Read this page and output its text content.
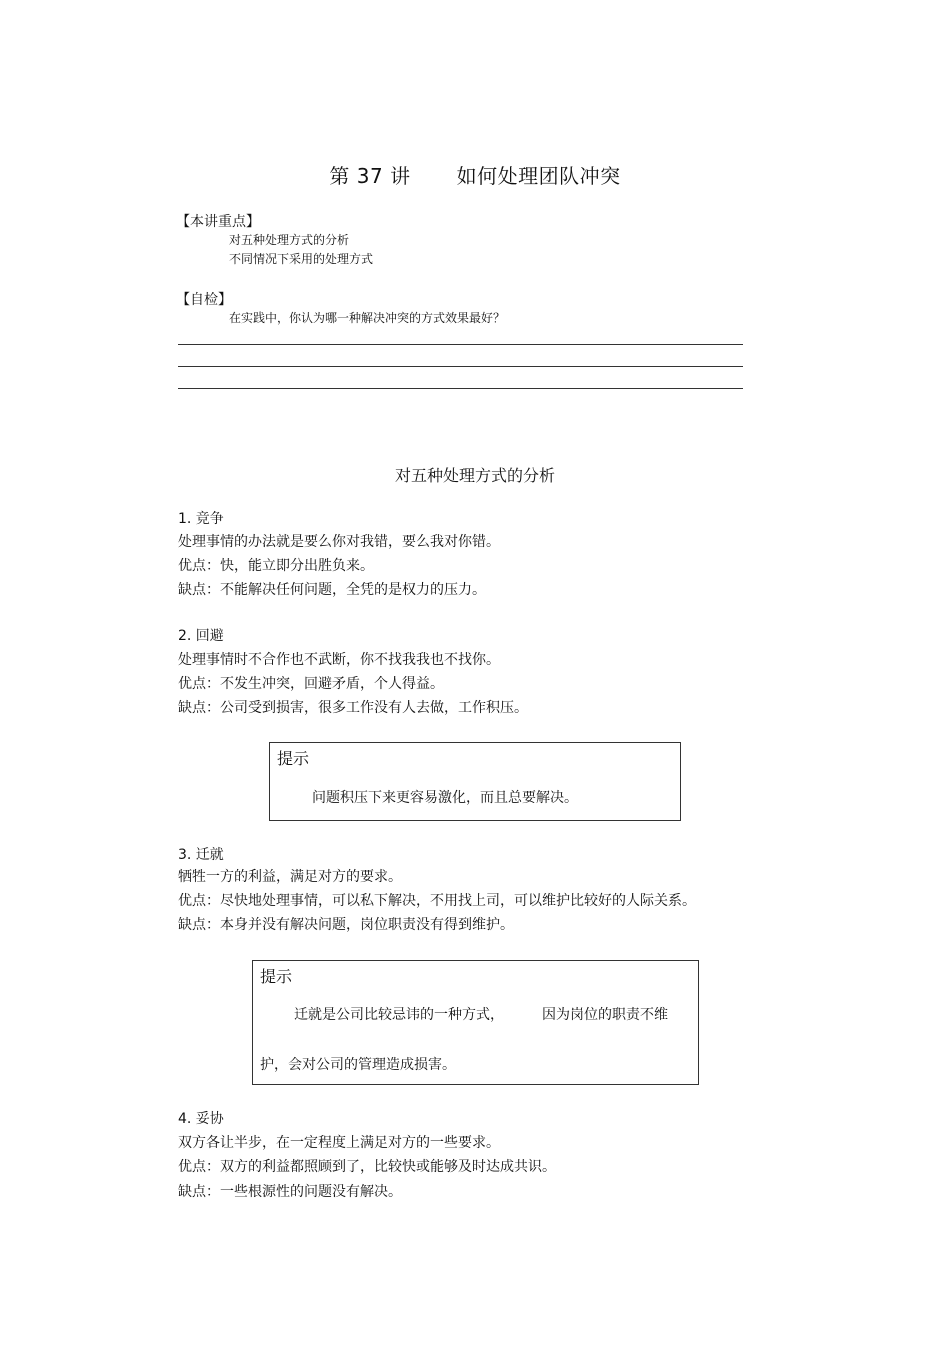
第 37 讲 如何处理团队冲突
【本讲重点】
对五种处理方式的分析
不同情况下采用的处理方式
【自检】
在实践中，你认为哪一种解决冲突的方式效果最好？
对五种处理方式的分析
1. 竞争
处理事情的办法就是要么你对我错，要么我对你错。
优点：快，能立即分出胜负来。
缺点：不能解决任何问题，全凭的是权力的压力。
2. 回避
处理事情时不合作也不武断，你不找我我也不找你。
优点：不发生冲突，回避矛盾，个人得益。
缺点：公司受到损害，很多工作没有人去做，工作积压。
提示
问题积压下来更容易激化，而且总要解决。
3. 迁就
牺牲一方的利益，满足对方的要求。
优点：尽快地处理事情，可以私下解决，不用找上司，可以维护比较好的人际关系。
缺点：本身并没有解决问题，岗位职责没有得到维护。
提示
迁就是公司比较忌讳的一种方式，	因为岗位的职责不维
护，会对公司的管理造成损害。
4. 妥协
双方各让半步，在一定程度上满足对方的一些要求。
优点：双方的利益都照顾到了，比较快或能够及时达成共识。
缺点：一些根源性的问题没有解决。
